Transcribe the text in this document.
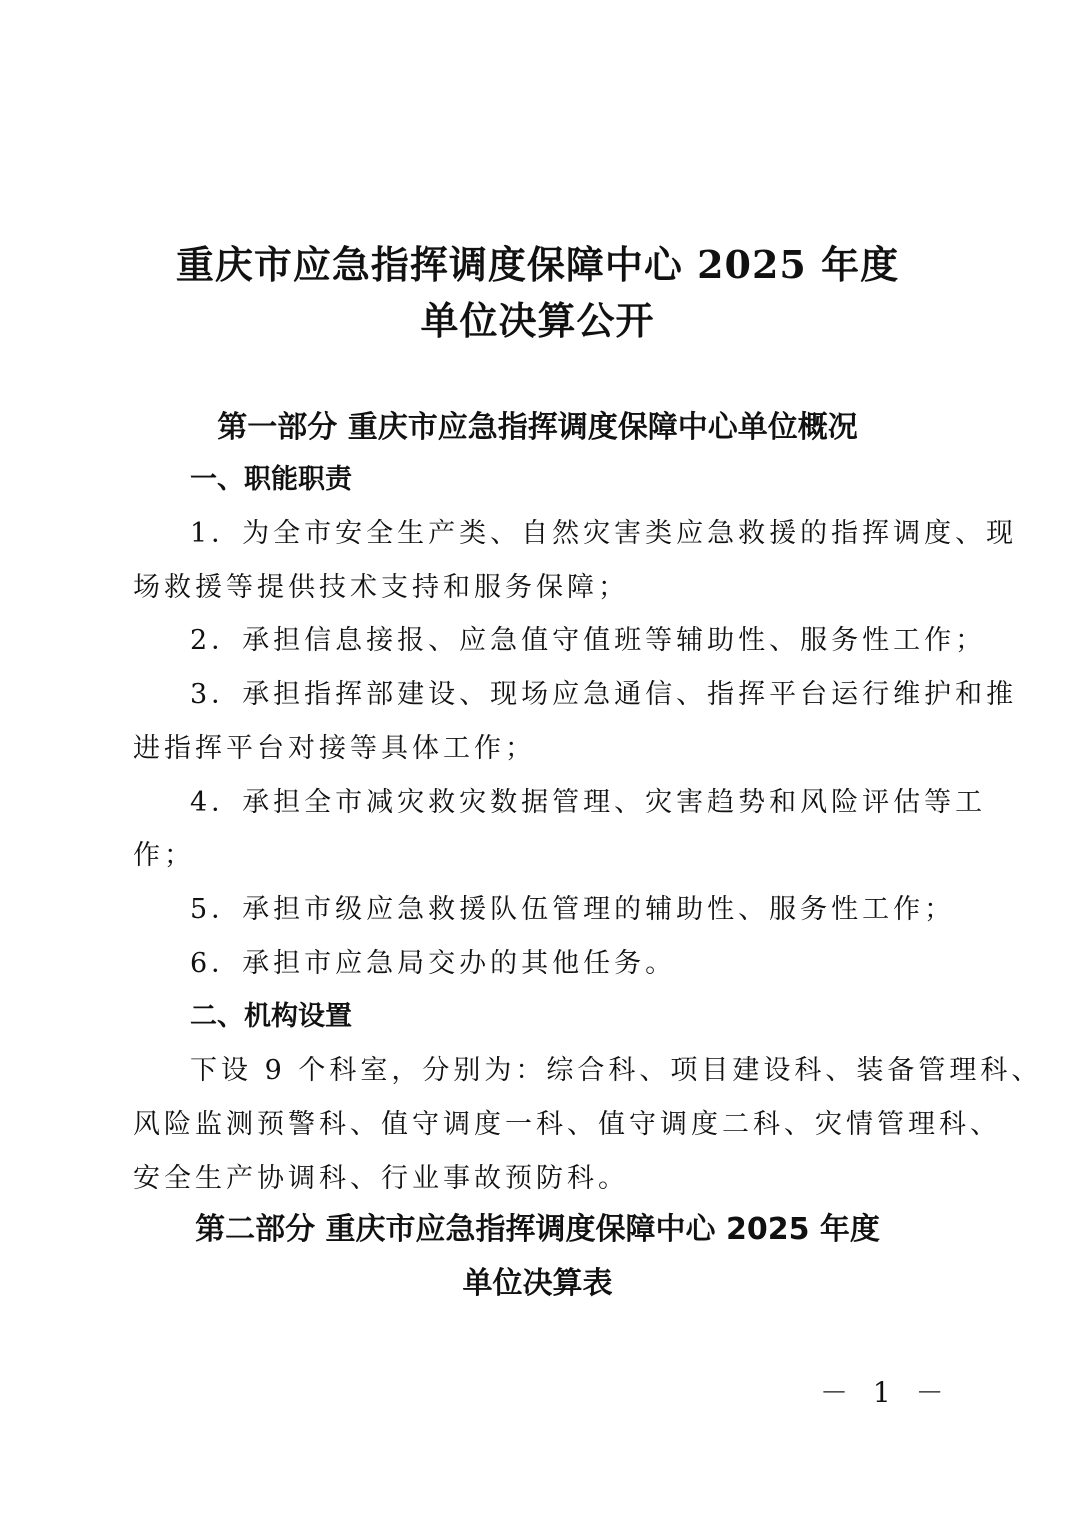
重庆市应急指挥调度保障中心 2025 年度
单位决算公开
第一部分 重庆市应急指挥调度保障中心单位概况
一、职能职责
1．为全市安全生产类、自然灾害类应急救援的指挥调度、现
场救援等提供技术支持和服务保障；
2．承担信息接报、应急值守值班等辅助性、服务性工作；
3．承担指挥部建设、现场应急通信、指挥平台运行维护和推
进指挥平台对接等具体工作；
4．承担全市减灾救灾数据管理、灾害趋势和风险评估等工
作；
5．承担市级应急救援队伍管理的辅助性、服务性工作；
6．承担市应急局交办的其他任务。
二、机构设置
下设 9 个科室，分别为：综合科、项目建设科、装备管理科、
风险监测预警科、值守调度一科、值守调度二科、灾情管理科、
安全生产协调科、行业事故预防科。
第二部分 重庆市应急指挥调度保障中心 2025 年度
单位决算表
－ 1 －
